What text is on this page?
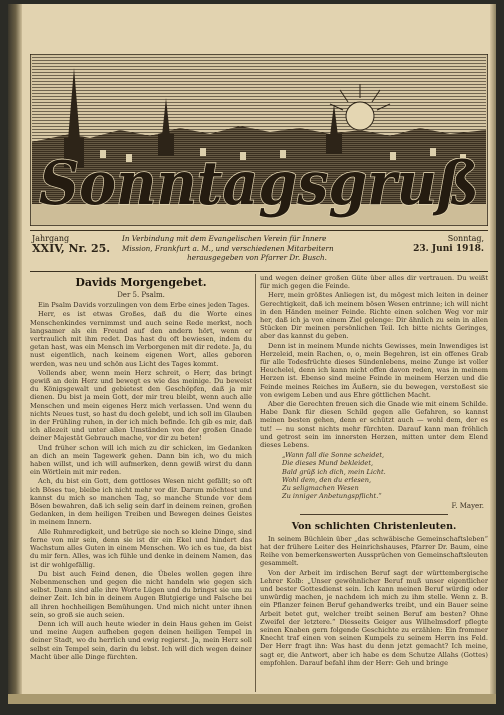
Sonntagsgruß
Jahrgang
XXIV, Nr. 25.
In Verbindung mit dem Evangelischen Verein für Innere
Mission, Frankfurt a. M., und verschiedenen Mitarbeitern
herausgegeben von Pfarrer Dr. Busch.
Sonntag,
23. Juni 1918.
Davids Morgengebet.
Der 5. Psalm.

Ein Psalm Davids vorzulingen von dem Erbe eines jeden Tages.

Herr, es ist etwas Großes, daß du die Worte eines Menschenkindes vernimmst und auch seine Rede merkst, noch langsamer als ein Freund auf den andern hört, wenn er vertraulich mit ihm redet. Das hast du oft bewiesen, indem du getan hast, was ein Mensch im Verborgenen mit dir redete. Ja, du nust eigentlich, nach keinem eigenen Wort, alles geboren werden, was neu und schön aus Licht des Tages kommt.

Vollends aber, wenn mein Herz schreit, o Herr, das bringt gewiß an dein Herz und bewegt es wie das meinige. Du beweist du Königsgewalt und gebietest den Geschöpfen, daß ja mir dienen. Du bist ja mein Gott, der mir treu bleibt, wenn auch alle Menschen und mein eigenes Herz mich verlassen. Und wenn du nichts Neues tust, so hast du doch gelebt, und ich soll im Glauben in der Frühling ruhen, in der ich mich befinde. Ich gib es mir, daß ich allezeit und unter allen Umständen von der großen Gnade deiner Majestät Gebrauch mache, vor dir zu beten!

Und früher schon will ich mich zu dir schicken, im Gedanken an dich an mein Tagewerk gehen. Dann bin ich, wo du mich haben willst, und ich will aufmerken, denn gewiß wirst du dann ein Wörtlein mit mir reden.

Ach, du bist ein Gott, dem gottloses Wesen nicht gefällt; so oft ich Böses tue, bleibe ich nicht mehr vor dir. Darum möchtest und kannst du mich so manchen Tag, so manche Stunde vor dem Bösen bewahren, daß ich selig sein darf in deinem reinen, großen Gedanken, in dem heiligen Treiben und Bewegen deines Geistes in meinem Innern.

Alle Ruhmredigkeit, und betrüge sie noch so kleine Dinge, sind ferne von mir sein, denn sie ist dir ein Ekel und hindert das Wachstum alles Guten in einem Menschen. Wo ich es tue, da bist du mir fern. Alles, was ich fühle und denke in deinem Namen, das ist dir wohlgefällig.

Du bist auch Feind denen, die Übeles wollen gegen ihre Nebenmenschen und gegen die nicht handeln wie gegen sich selbst. Dann sind alle ihre Worte Lügen und du bringst sie um zu deiner Zeit. Ich bin in deinem Augen Blutgierige und Falsche bei all ihren hochheiligen Bemühungen. Und mich nicht unter ihnen sein, so groß sie auch seien.

Denn ich will auch heute wieder in dein Haus gehen im Geist und meine Augen aufheben gegen deinen heiligen Tempel in deiner Stadt, wo du herrlich und ewig regierst. Ja, mein Herz soll selbst ein Tempel sein, darin du lebst. Ich will dich wegen deiner Macht über alle Dinge fürchten.

und wegen deiner großen Güte über alles dir vertrauen. Du weißt für mich gegen die Feinde.

Herr, mein größtes Anliegen ist, du mögest mich leiten in deiner Gerechtigkeit, daß ich meinem bösen Wesen entrinne; ich will nicht in den Händen meiner Feinde. Richte einen solchen Weg vor mir her, daß ich ja von einem Ziel gelenge: Dir ähnlich zu sein in allen Stücken Dir meinen persönlichen Teil. Ich bitte nichts Geringes, aber das kannst du geben.

Denn ist in meinem Munde nichts Gewisses, mein Inwendiges ist Herzeleid, mein Rachen, o, o, mein Begehren, ist ein offenes Grab für alle Todesfrüchte dieses Sündenlebens, meine Zunge ist voller Heuchelei, denn ich kann nicht offen davon reden, was in meinem Herzen ist. Ebenso sind meine Feinde in meinem Herzen und die Feinde meines Reiches im Äußern, sie du bewegen, verstoßest sie von ewigem Leben und aus Ehre göttlichen Macht.

Aber die Gerechten freuen sich die Gnade wie mit einem Schilde. Habe Dank für diesen Schild gegen alle Gefahren, so kannst meinen besten gehen, denn er schützt auch — wohl dem, der es tut! — nu sonst nichts mehr fürchten. Darauf kann man fröhlich und getrost sein im innersten Herzen, mitten unter dem Elend dieses Lebens.

„Wann fall die Sonne scheidet,
Die dieses Mund bekleidet,
Bald grüß ich dich, mein Licht.
Wohl dem, den du erlesen,
Zu seligmachen Wesen
Zu inniger Anbetungspflicht.“
F. Mayer.
Von schlichten Christenleuten.

In seinem Büchlein über „das schwäbische Gemeinschaftsleben“ hat der frühere Leiter des Heinrichshauses, Pfarrer Dr. Baum, eine Reihe von bemerkenswerten Aussprüchen von Gemeinschaftsleuten gesammelt.

Von der Arbeit im irdischen Beruf sagt der württembergische Lehrer Kolb: „Unser gewöhnlicher Beruf muß unser eigentlicher und bester Gottesdienst sein. Ich kann meinen Beruf würdig oder unwürdig machen, je nachdem ich mich zu ihm stelle. Wenn z. B. ein Pflanzer feinen Beruf gehandwerks treibt, und ein Bauer seine Arbeit betet gut, welcher treibt seinen Beruf am besten? Ohne Zweifel der letztere.“ Diesseits Geiger aus Wilhelmsdorf pflegte seinen Knaben gern folgende Geschichte zu erzählen: Ein frommer Knecht traf einen von seinen Kumpels zu seinem Herrn ins Feld. Der Herr fragt ihn: Was hast du denn jetzt gemacht? Ich meine, sagt er, die Antwort, aber ich habe es dem Schutze Allahs (Gottes) empfohlen. Darauf befahl ihm der Herr: Geh und bringe
